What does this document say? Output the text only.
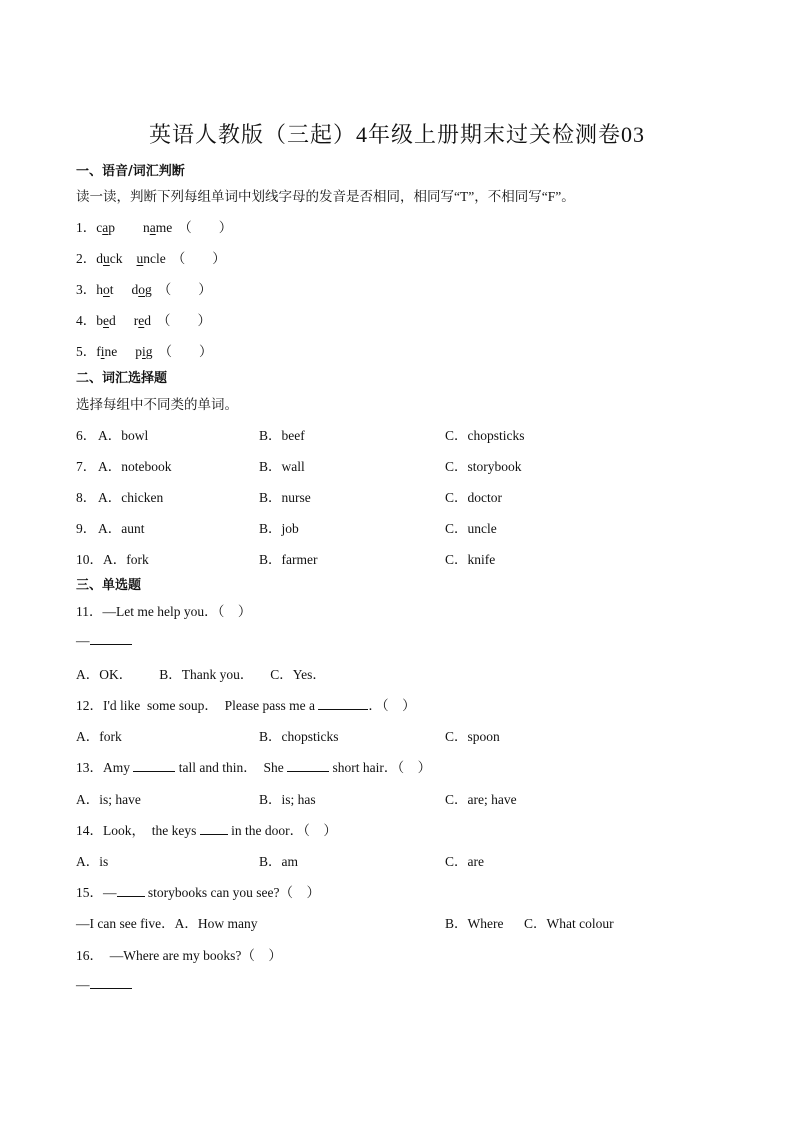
英语人教版（三起）4年级上册期末过关检测卷03
一、语音/词汇判断
读一读，判断下列每组单词中划线字母的发音是否相同，相同写“T”，不相同写“F”。
1．cap name （        ）
2．duck uncle （        ）
3．hot dog （        ）
4．bed red （        ）
5．fine pig （        ）
二、词汇选择题
选择每组中不同类的单词。
6． A．bowl	B．beef	C．chopsticks
7． A．notebook	B．wall	C．storybook
8． A．chicken	B．nurse	C．doctor
9． A．aunt	B．job	C．uncle
10． A．fork	B．farmer	C．knife
三、单选题
11．—Let me help you．（    ）
—
A．OK．        B．Thank you．     C．Yes．
12．I'd like  some soup．  Please pass me a	．（    ）
A．fork	B．chopsticks	C．spoon
13．Amy	tall and thin．  She	short hair．（    ）
A．is; have	B．is; has	C．are; have
14．Look，  the keys  in the door．（    ）
A．is	B．am	C．are
15．— storybooks can you see?（    ）
—I can see five．A．How many	B．Where C．What colour
16．  —Where are my books?（    ）
—
